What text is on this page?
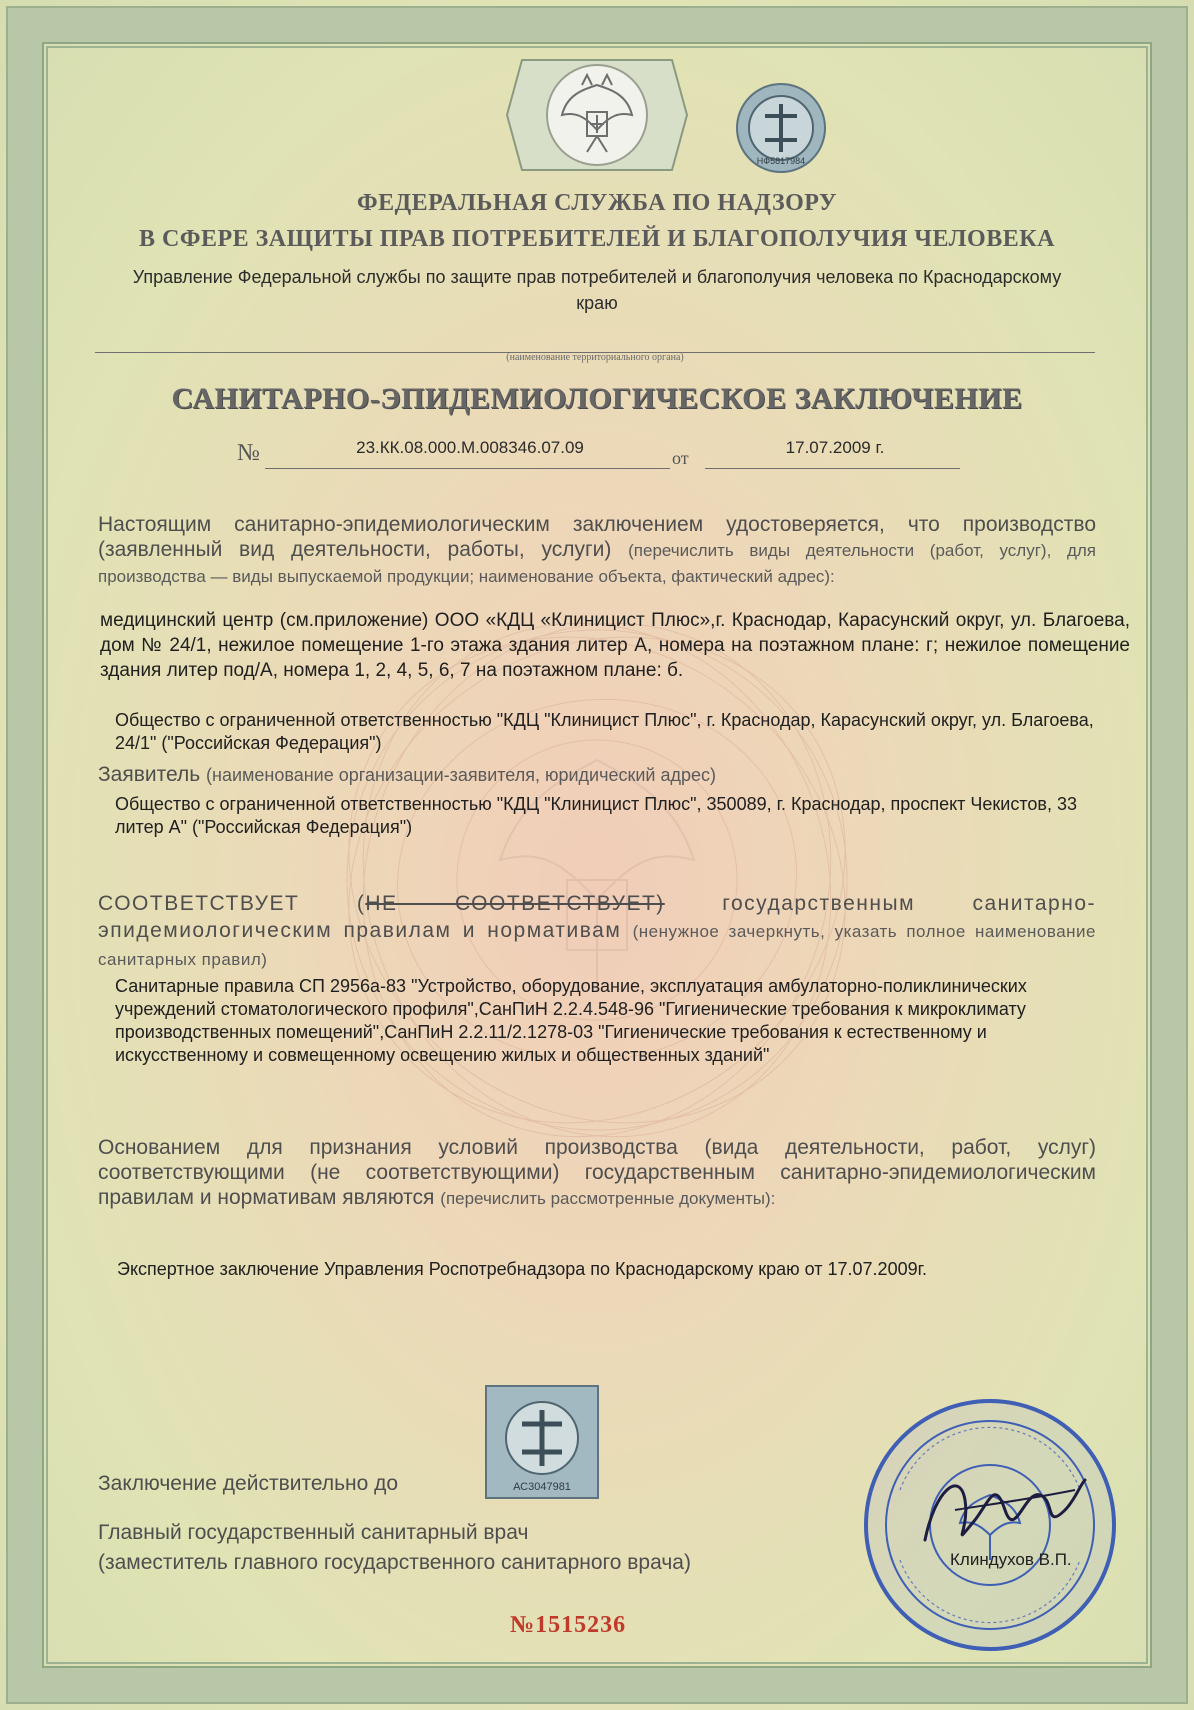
НФ5817984
ФЕДЕРАЛЬНАЯ СЛУЖБА ПО НАДЗОРУ
В СФЕРЕ ЗАЩИТЫ ПРАВ ПОТРЕБИТЕЛЕЙ И БЛАГОПОЛУЧИЯ ЧЕЛОВЕКА
Управление Федеральной службы по защите прав потребителей и благополучия человека по Краснодарскому краю
(наименование территориального органа)
САНИТАРНО-ЭПИДЕМИОЛОГИЧЕСКОЕ ЗАКЛЮЧЕНИЕ
№	23.КК.08.000.М.008346.07.09
от
17.07.2009 г.
Настоящим санитарно-эпидемиологическим заключением удостоверяется, что производство (заявленный вид деятельности, работы, услуги) (перечислить виды деятельности (работ, услуг), для производства — виды выпускаемой продукции; наименование объекта, фактический адрес):
медицинский центр (см.приложение) ООО «КДЦ «Клиницист Плюс»,г. Краснодар, Карасунский округ, ул. Благоева, дом № 24/1, нежилое помещение 1-го этажа здания литер А, номера на поэтажном плане: г; нежилое помещение здания литер под/А, номера 1, 2, 4, 5, 6, 7 на поэтажном плане: б.
Общество с ограниченной ответственностью "КДЦ "Клиницист Плюс", г. Краснодар, Карасунский округ, ул. Благоева, 24/1" ("Российская Федерация")
Заявитель (наименование организации-заявителя, юридический адрес)
Общество с ограниченной ответственностью "КДЦ "Клиницист Плюс", 350089, г. Краснодар, проспект Чекистов, 33 литер А" ("Российская Федерация")
СООТВЕТСТВУЕТ	(НЕ СООТВЕТСТВУЕТ)	государственным санитарно-эпидемиологическим правилам и нормативам (ненужное зачеркнуть, указать полное наименование санитарных правил)
Санитарные правила СП 2956а-83 "Устройство, оборудование, эксплуатация амбулаторно-поликлинических учреждений стоматологического профиля",СанПиН 2.2.4.548-96 "Гигиенические требования к микроклимату производственных помещений",СанПиН 2.2.11/2.1278-03 "Гигиенические требования к естественному и искусственному и совмещенному освещению жилых и общественных зданий"
Основанием для признания условий производства (вида деятельности, работ, услуг) соответствующими (не соответствующими) государственным санитарно-эпидемиологическим правилам и нормативам являются (перечислить рассмотренные документы):
Экспертное заключение Управления Роспотребнадзора по Краснодарскому краю от 17.07.2009г.
АС3047981
Заключение действительно до
Главный государственный санитарный врач
(заместитель главного государственного санитарного врача)	Клиндухов В.П.
№1515236
